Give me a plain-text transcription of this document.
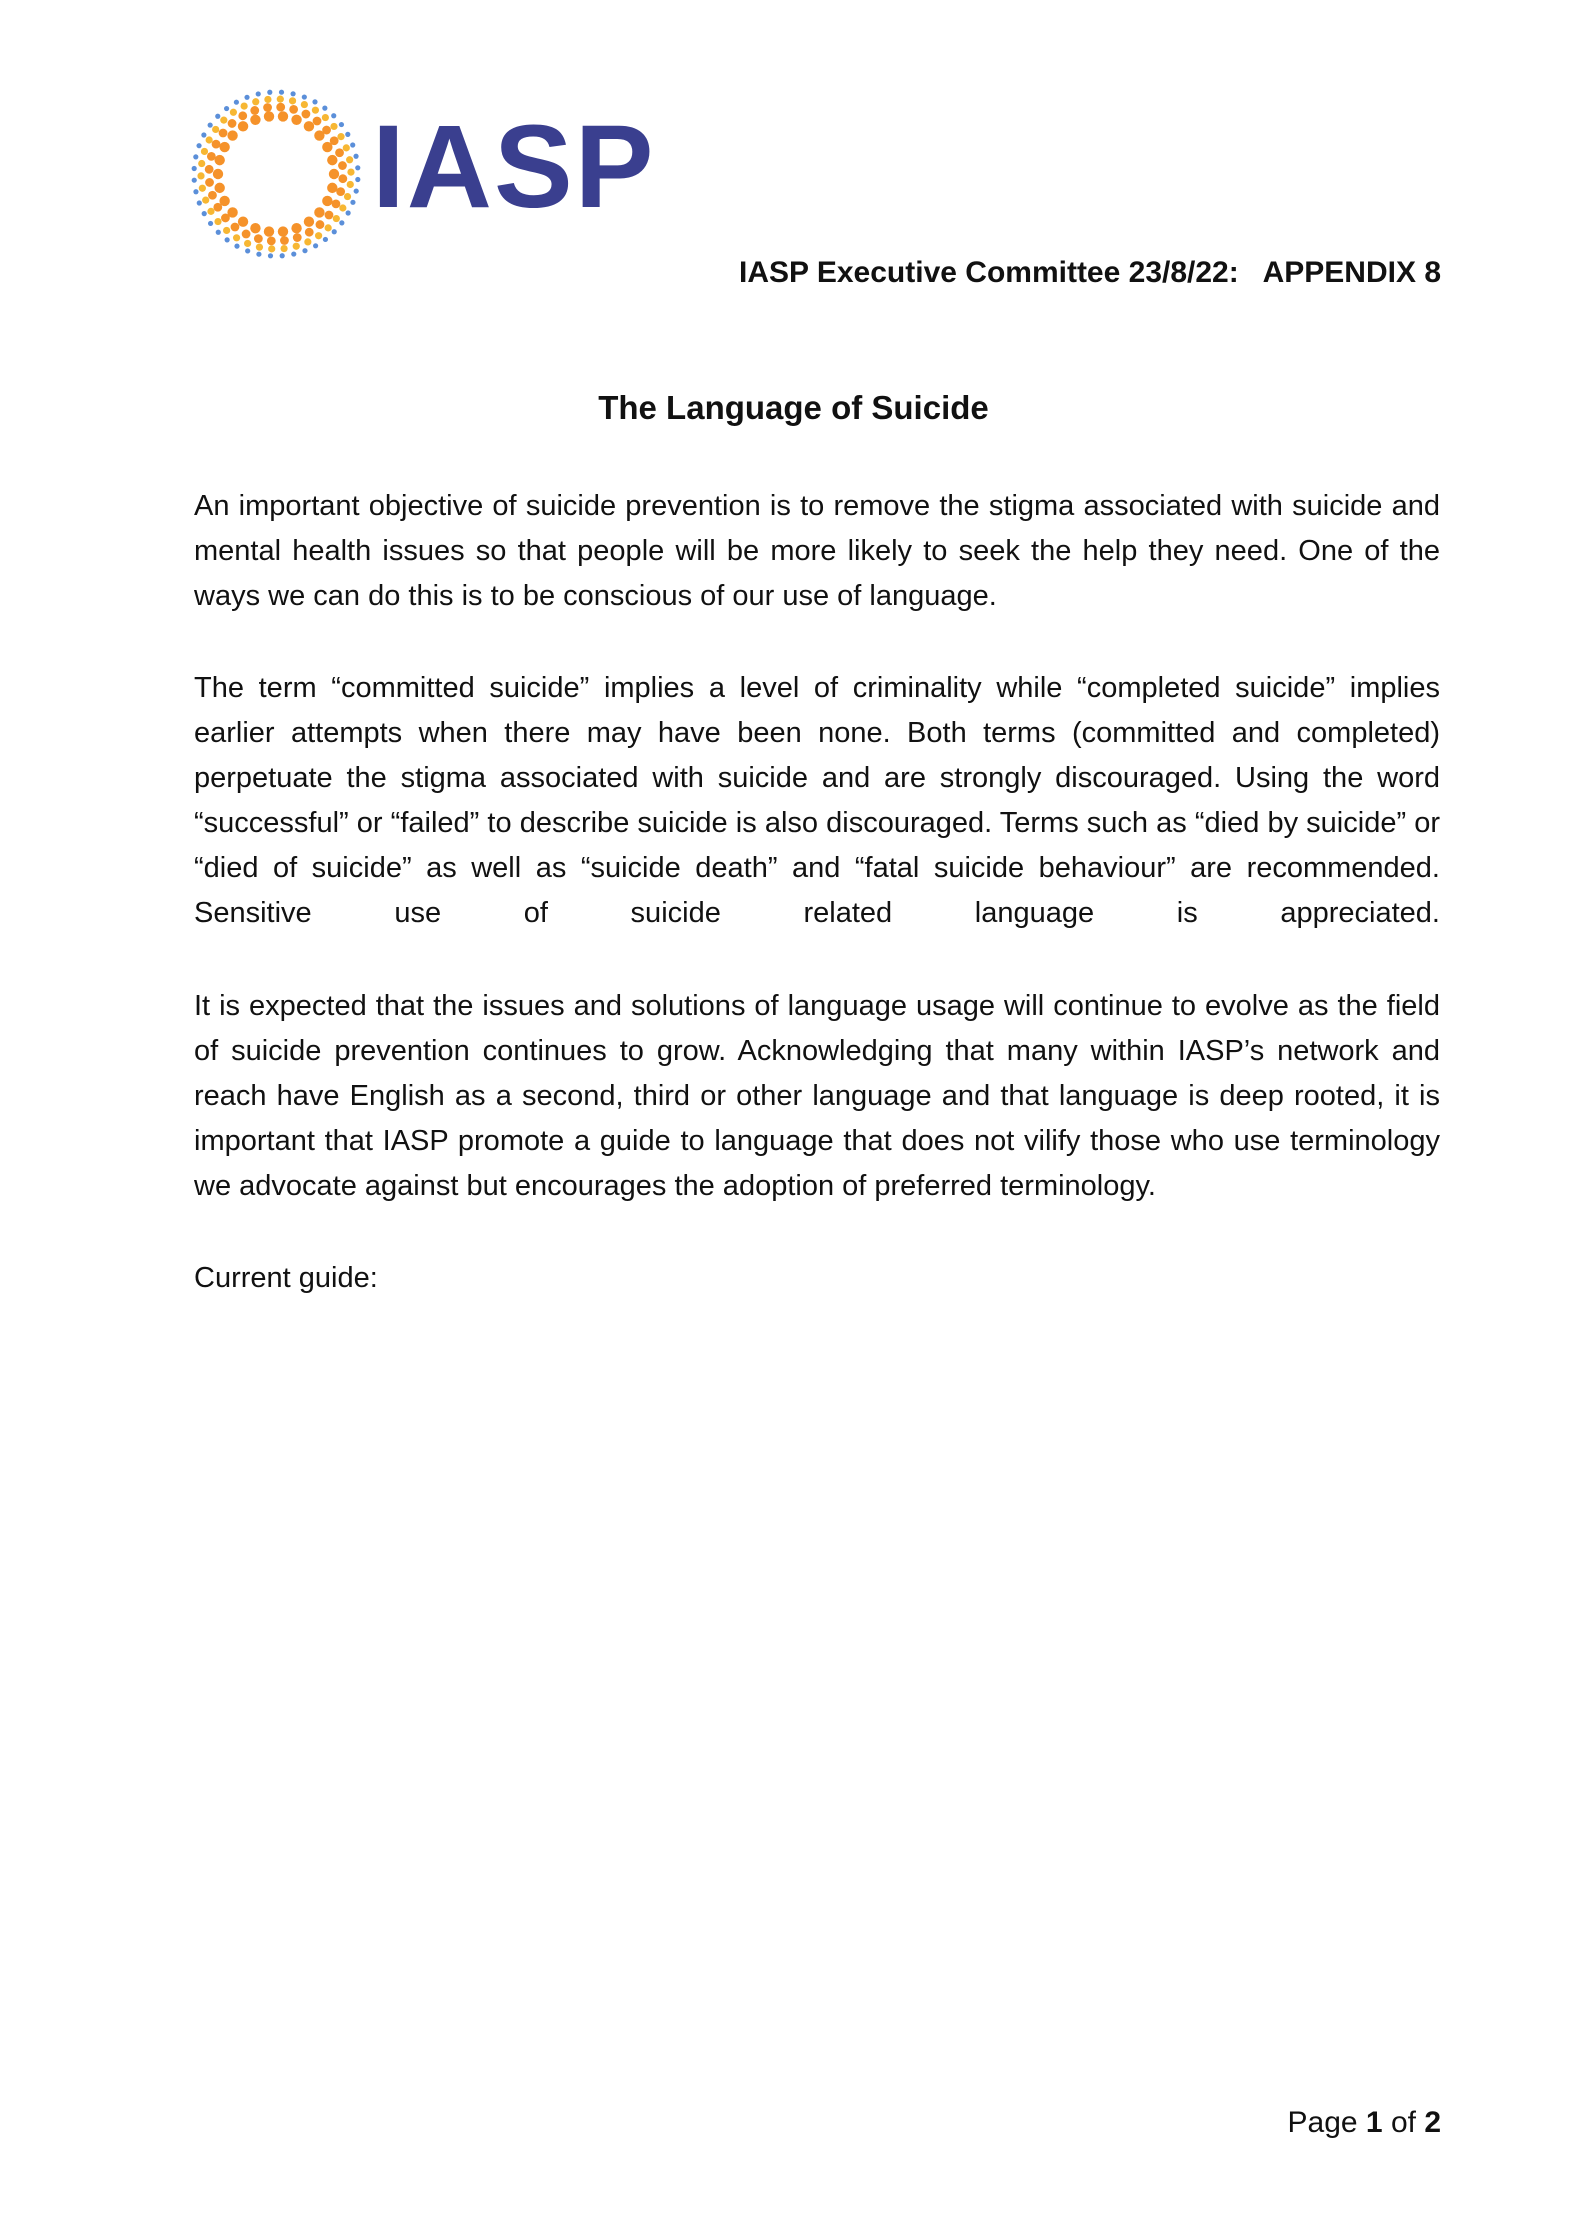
IASP
IASP Executive Committee 23/8/22:   APPENDIX 8
The Language of Suicide

An important objective of suicide prevention is to remove the stigma associated with suicide and mental health issues so that people will be more likely to seek the help they need. One of the ways we can do this is to be conscious of our use of language.

The term “committed suicide” implies a level of criminality while “completed suicide” implies earlier attempts when there may have been none. Both terms (committed and completed) perpetuate the stigma associated with suicide and are strongly discouraged. Using the word “successful” or “failed” to describe suicide is also discouraged. Terms such as “died by suicide” or “died of suicide” as well as “suicide death” and “fatal suicide behaviour” are recommended. Sensitive use of suicide related language is appreciated.

It is expected that the issues and solutions of language usage will continue to evolve as the field of suicide prevention continues to grow. Acknowledging that many within IASP’s network and reach have English as a second, third or other language and that language is deep rooted, it is important that IASP promote a guide to language that does not vilify those who use terminology we advocate against but encourages the adoption of preferred terminology.

Current guide:

Page 1 of 2
